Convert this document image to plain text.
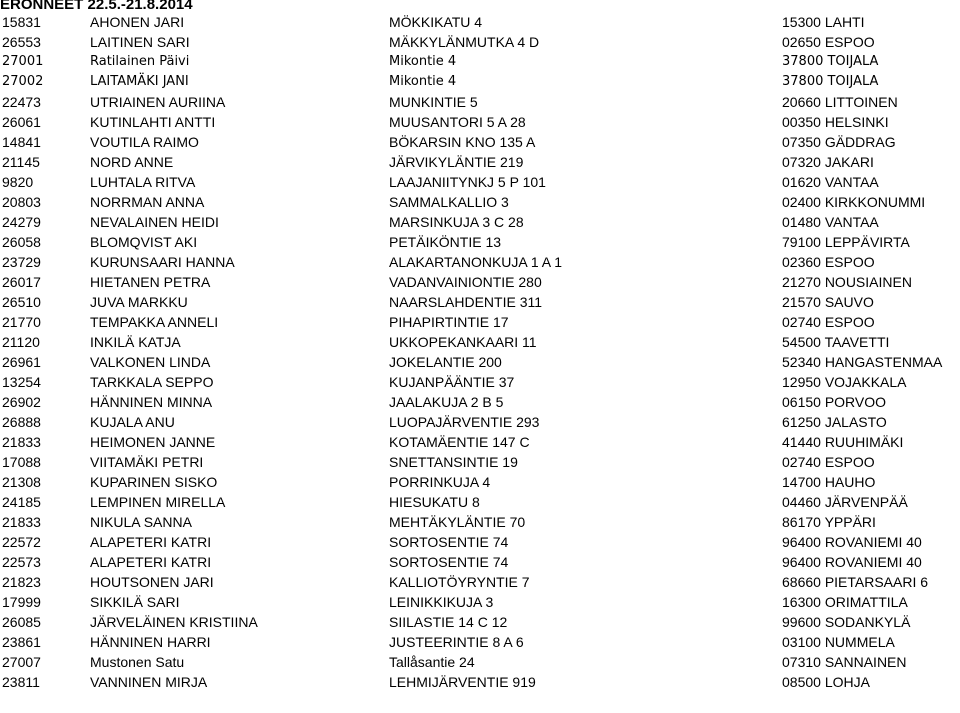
ERONNEET 22.5.-21.8.2014
15831	AHONEN JARI	MÖKKIKATU 4	15300 LAHTI
26553	LAITINEN SARI	MÄKKYLÄNMUTKA 4 D	02650 ESPOO
27001	Ratilainen Päivi	Mikontie 4	37800 TOIJALA
27002	LAITAMÄKI JANI	Mikontie 4	37800 TOIJALA
22473	UTRIAINEN AURIINA	MUNKINTIE 5	20660 LITTOINEN
26061	KUTINLAHTI ANTTI	MUUSANTORI 5 A 28	00350 HELSINKI
14841	VOUTILA RAIMO	BÖKARSIN KNO 135 A	07350 GÄDDRAG
21145	NORD ANNE	JÄRVIKYLÄNTIE 219	07320 JAKARI
9820	LUHTALA RITVA	LAAJANIITYNKJ 5 P 101	01620 VANTAA
20803	NORRMAN ANNA	SAMMALKALLIO 3	02400 KIRKKONUMMI
24279	NEVALAINEN HEIDI	MARSINKUJA 3 C 28	01480 VANTAA
26058	BLOMQVIST AKI	PETÄIKÖNTIE 13	79100 LEPPÄVIRTA
23729	KURUNSAARI HANNA	ALAKARTANONKUJA 1 A 1	02360 ESPOO
26017	HIETANEN PETRA	VADANVAINIONTIE 280	21270 NOUSIAINEN
26510	JUVA MARKKU	NAARSLAHDENTIE 311	21570 SAUVO
21770	TEMPAKKA ANNELI	PIHAPIRTINTIE 17	02740 ESPOO
21120	INKILÄ KATJA	UKKOPEKANKAARI 11	54500 TAAVETTI
26961	VALKONEN LINDA	JOKELANTIE 200	52340 HANGASTENMAA
13254	TARKKALA SEPPO	KUJANPÄÄNTIE 37	12950 VOJAKKALA
26902	HÄNNINEN MINNA	JAALAKUJA 2 B 5	06150 PORVOO
26888	KUJALA ANU	LUOPAJÄRVENTIE 293	61250 JALASTO
21833	HEIMONEN JANNE	KOTAMÄENTIE 147 C	41440 RUUHIMÄKI
17088	VIITAMÄKI PETRI	SNETTANSINTIE 19	02740 ESPOO
21308	KUPARINEN SISKO	PORRINKUJA 4	14700 HAUHO
24185	LEMPINEN MIRELLA	HIESUKATU 8	04460 JÄRVENPÄÄ
21833	NIKULA SANNA	MEHTÄKYLÄNTIE 70	86170 YPPÄRI
22572	ALAPETERI KATRI	SORTOSENTIE 74	96400 ROVANIEMI 40
22573	ALAPETERI KATRI	SORTOSENTIE 74	96400 ROVANIEMI 40
21823	HOUTSONEN JARI	KALLIOTÖYRYNTIE 7	68660 PIETARSAARI 6
17999	SIKKILÄ SARI	LEINIKKIKUJA 3	16300 ORIMATTILA
26085	JÄRVELÄINEN KRISTIINA	SIILASTIE 14 C 12	99600 SODANKYLÄ
23861	HÄNNINEN HARRI	JUSTEERINTIE 8 A 6	03100 NUMMELA
27007	Mustonen Satu	Tallåsantie 24	07310 SANNAINEN
23811	VANNINEN MIRJA	LEHMIJÄRVENTIE 919	08500 LOHJA
